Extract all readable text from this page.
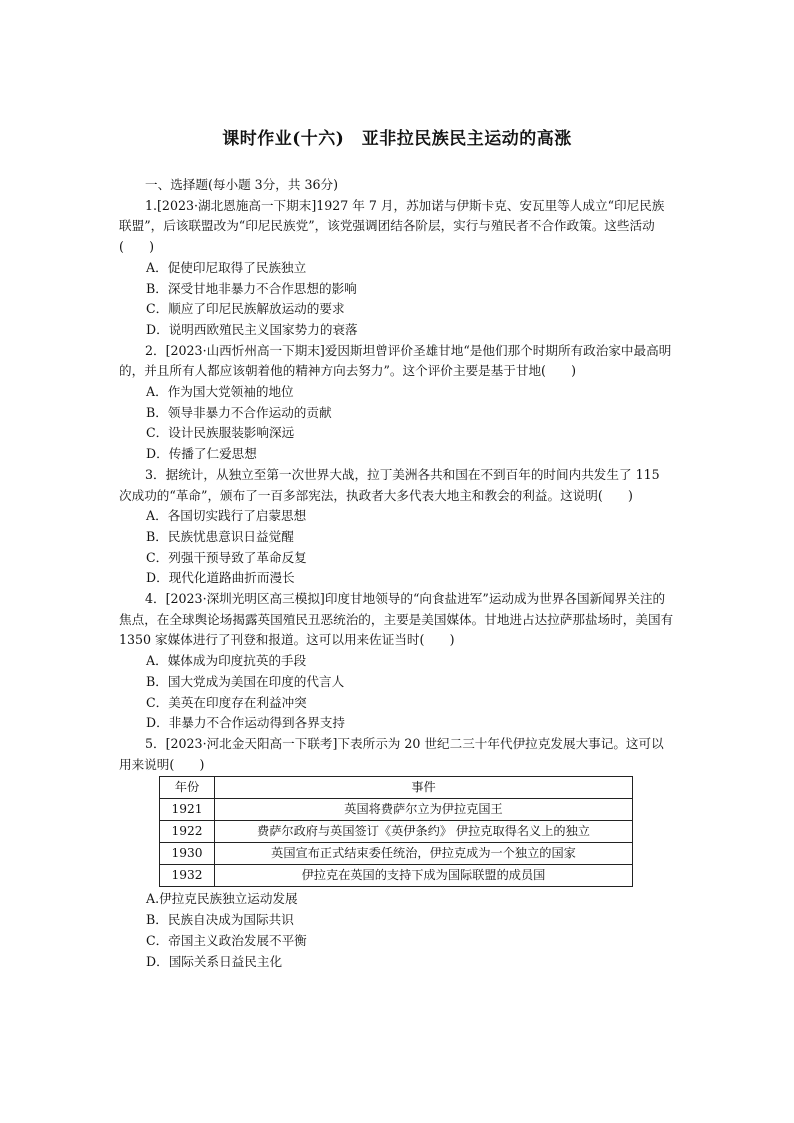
课时作业(十六)　亚非拉民族民主运动的高涨

一、选择题(每小题 3分，共 36分)

1.[2023·湖北恩施高一下期末]1927 年 7 月，苏加诺与伊斯卡克、安瓦里等人成立“印尼民族联盟”，后该联盟改为“印尼民族党”，该党强调团结各阶层，实行与殖民者不合作政策。这些活动(　　)

A．促使印尼取得了民族独立

B．深受甘地非暴力不合作思想的影响

C．顺应了印尼民族解放运动的要求

D．说明西欧殖民主义国家势力的衰落

2．[2023·山西忻州高一下期末]爱因斯坦曾评价圣雄甘地“是他们那个时期所有政治家中最高明的，并且所有人都应该朝着他的精神方向去努力”。这个评价主要是基于甘地(　　)

A．作为国大党领袖的地位

B．领导非暴力不合作运动的贡献

C．设计民族服装影响深远

D．传播了仁爱思想

3．据统计，从独立至第一次世界大战，拉丁美洲各共和国在不到百年的时间内共发生了 115 次成功的“革命”，颁布了一百多部宪法，执政者大多代表大地主和教会的利益。这说明(　　)

A．各国切实践行了启蒙思想

B．民族忧患意识日益觉醒

C．列强干预导致了革命反复

D．现代化道路曲折而漫长

4．[2023·深圳光明区高三模拟]印度甘地领导的“向食盐进军”运动成为世界各国新闻界关注的焦点，在全球舆论场揭露英国殖民丑恶统治的，主要是美国媒体。甘地进占达拉萨那盐场时，美国有 1350 家媒体进行了刊登和报道。这可以用来佐证当时(　　)

A．媒体成为印度抗英的手段

B．国大党成为美国在印度的代言人

C．美英在印度存在利益冲突

D．非暴力不合作运动得到各界支持

5．[2023·河北金天阳高一下联考]下表所示为 20 世纪二三十年代伊拉克发展大事记。这可以用来说明(　　)

年份	事件
1921	英国将费萨尔立为伊拉克国王
1922	费萨尔政府与英国签订《英伊条约》 伊拉克取得名义上的独立
1930	英国宣布正式结束委任统治，伊拉克成为一个独立的国家
1932	伊拉克在英国的支持下成为国际联盟的成员国

A.伊拉克民族独立运动发展

B．民族自决成为国际共识

C．帝国主义政治发展不平衡

D．国际关系日益民主化
